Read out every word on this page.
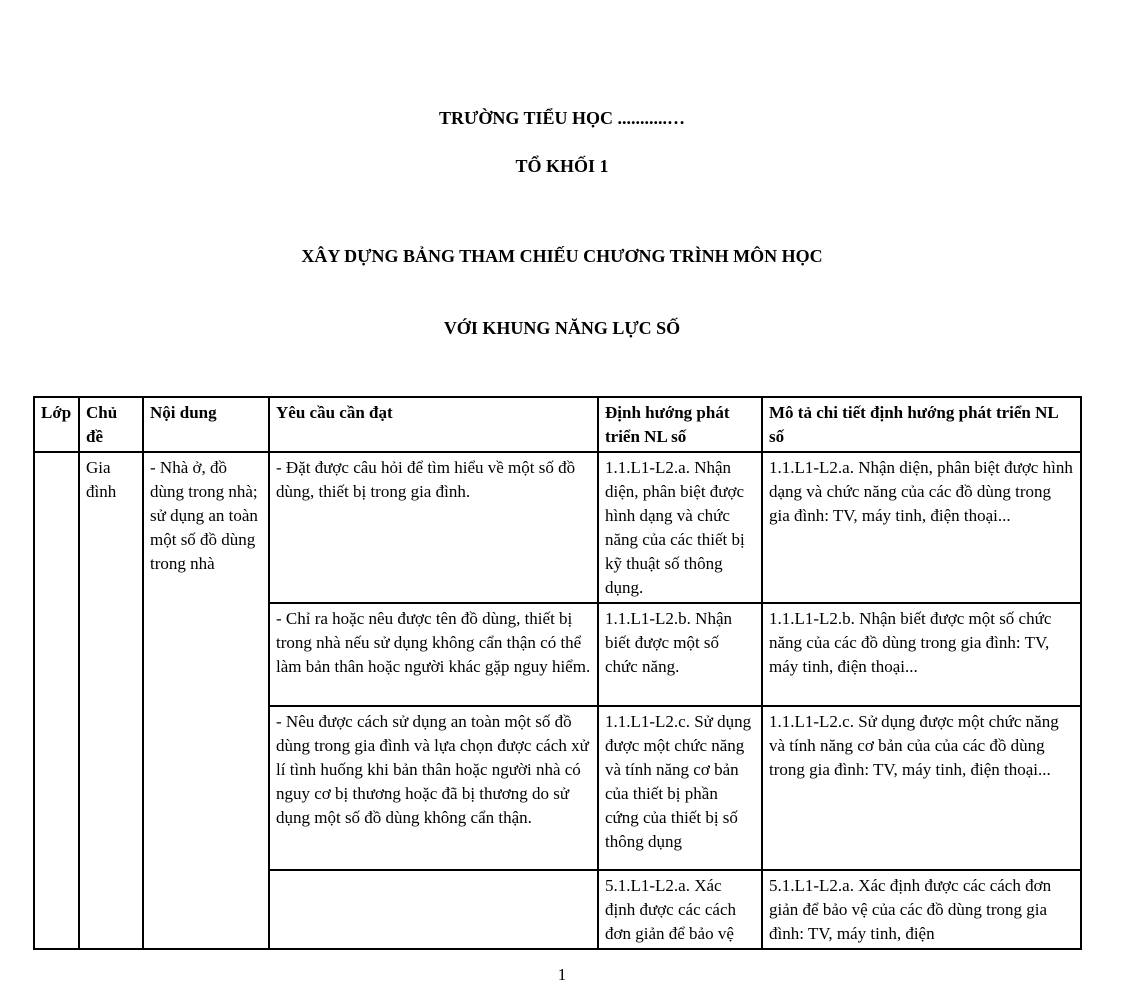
TRƯỜNG TIỂU HỌC ...........…
TỔ KHỐI 1

XÂY DỰNG BẢNG THAM CHIẾU CHƯƠNG TRÌNH MÔN HỌC

VỚI KHUNG NĂNG LỰC SỐ

Lớp	Chủ đề	Nội dung	Yêu cầu cần đạt	Định hướng phát triển NL số	Mô tả chi tiết định hướng phát triển NL số
	Gia đình	- Nhà ở, đồ dùng trong nhà; sử dụng an toàn một số đồ dùng trong nhà	- Đặt được câu hỏi để tìm hiểu về một số đồ dùng, thiết bị trong gia đình.	1.1.L1-L2.a. Nhận diện, phân biệt được hình dạng và chức năng của các thiết bị kỹ thuật số thông dụng.	1.1.L1-L2.a. Nhận diện, phân biệt được hình dạng và chức năng của các đồ dùng trong gia đình: TV, máy tinh, điện thoại...
			- Chỉ ra hoặc nêu được tên đồ dùng, thiết bị trong nhà nếu sử dụng không cẩn thận có thể làm bản thân hoặc người khác gặp nguy hiểm.	1.1.L1-L2.b. Nhận biết được một số chức năng.	1.1.L1-L2.b. Nhận biết được một số chức năng của các đồ dùng trong gia đình: TV, máy tinh, điện thoại...
			- Nêu được cách sử dụng an toàn một số đồ dùng trong gia đình và lựa chọn được cách xử lí tình huống khi bản thân hoặc người nhà có nguy cơ bị thương hoặc đã bị thương do sử dụng một số đồ dùng không cẩn thận.	1.1.L1-L2.c. Sử dụng được một chức năng và tính năng cơ bản của thiết bị phần cứng của thiết bị số thông dụng	1.1.L1-L2.c. Sử dụng được một chức năng và tính năng cơ bản của của các đồ dùng trong gia đình: TV, máy tinh, điện thoại...
				5.1.L1-L2.a. Xác định được các cách đơn giản để bảo vệ	5.1.L1-L2.a. Xác định được các cách đơn giản để bảo vệ của các đồ dùng trong gia đình: TV, máy tinh, điện
1
